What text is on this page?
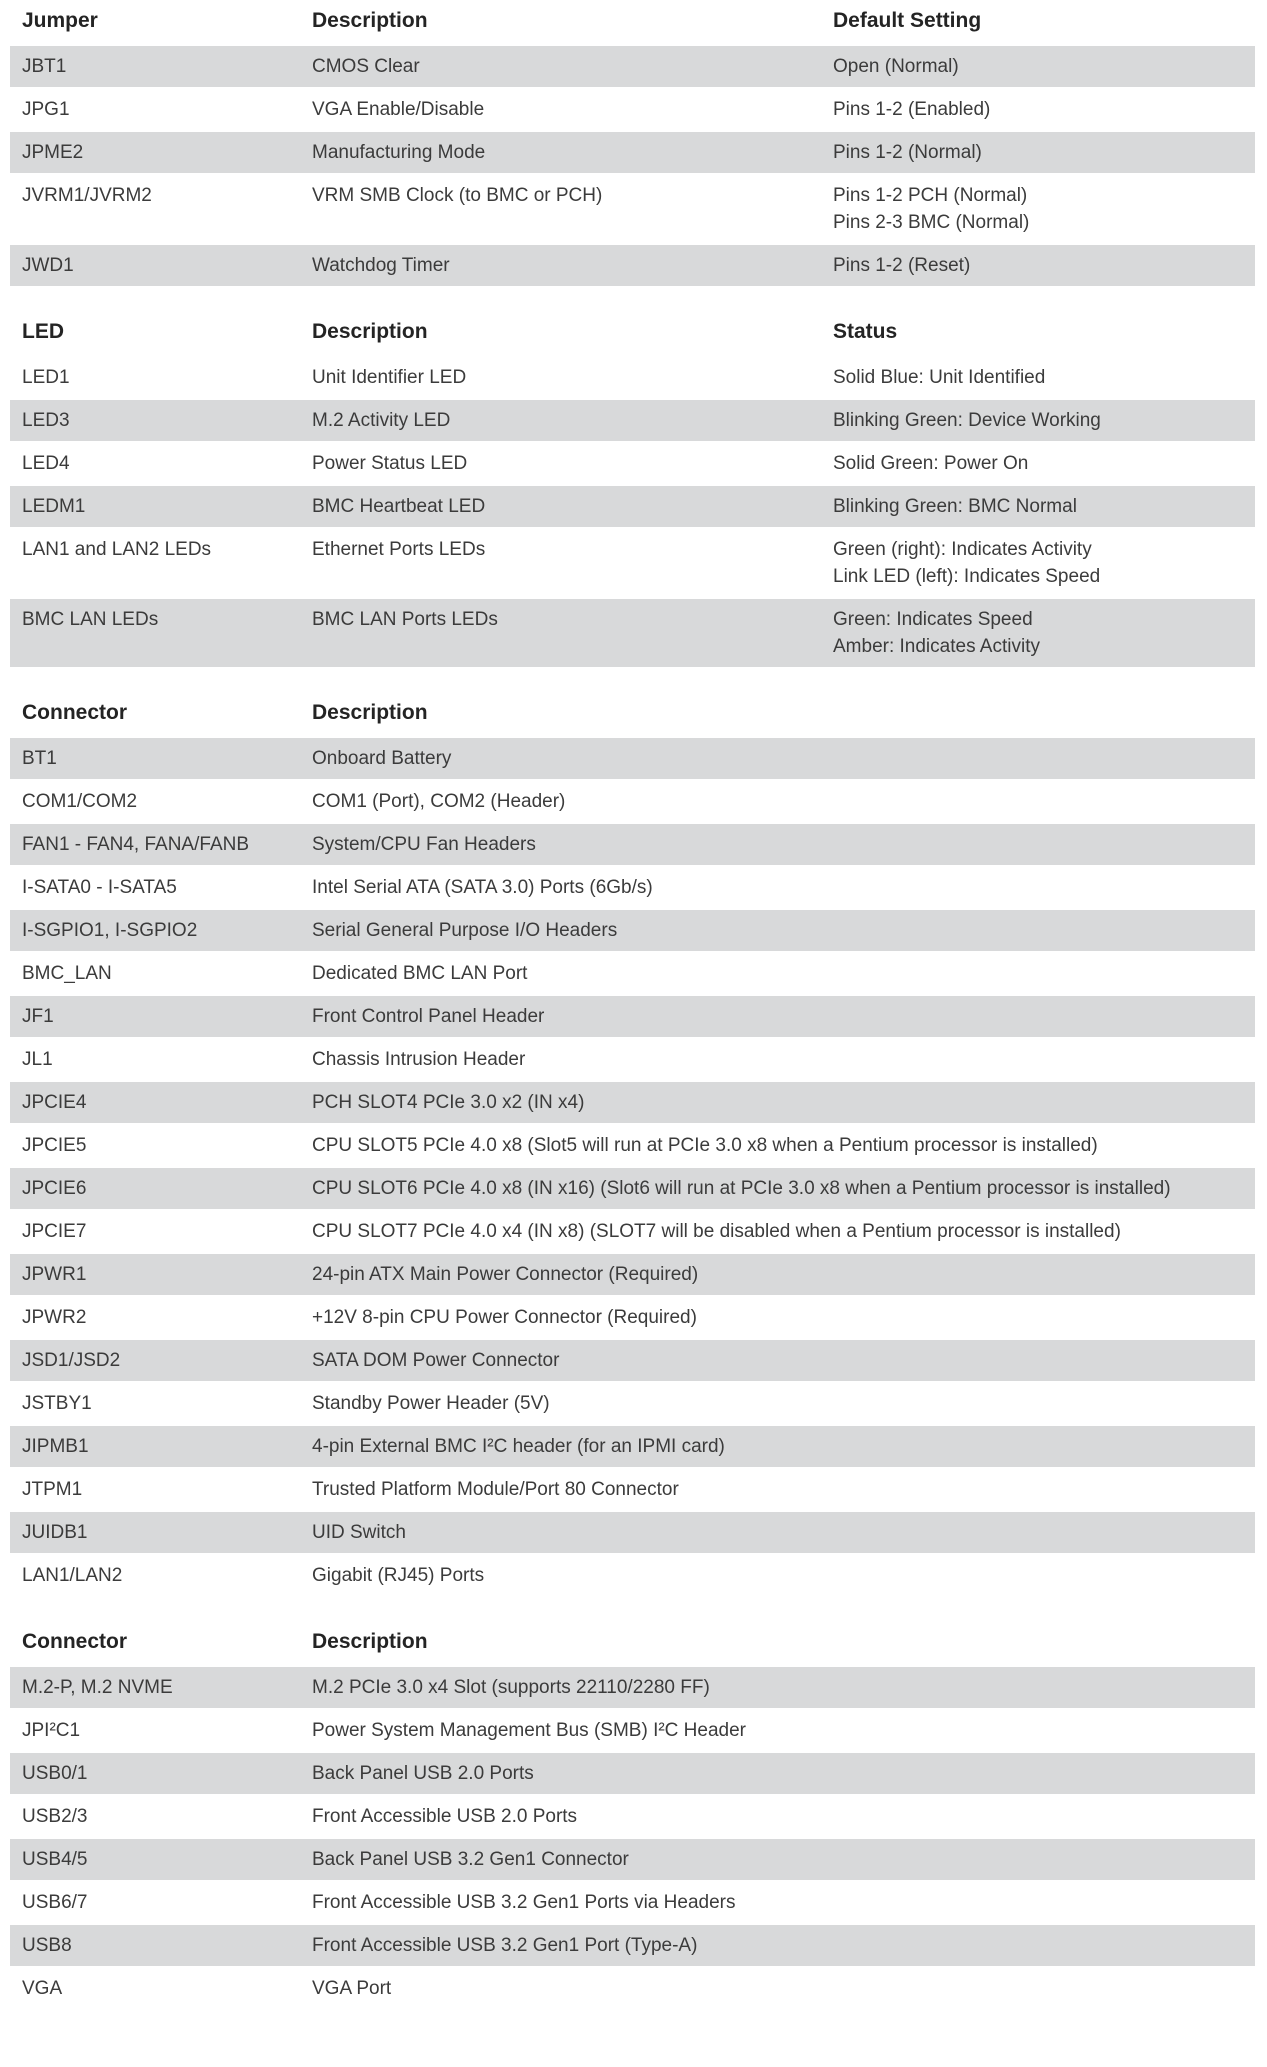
Jumper	Description	Default Setting
JBT1	CMOS Clear	Open (Normal)
JPG1	VGA Enable/Disable	Pins 1-2 (Enabled)
JPME2	Manufacturing Mode	Pins 1-2 (Normal)
JVRM1/JVRM2	VRM SMB Clock (to BMC or PCH)	Pins 1-2 PCH (Normal)
Pins 2-3 BMC (Normal)
JWD1	Watchdog Timer	Pins 1-2 (Reset)
LED	Description	Status
LED1	Unit Identifier LED	Solid Blue: Unit Identified
LED3	M.2 Activity LED	Blinking Green: Device Working
LED4	Power Status LED	Solid Green: Power On
LEDM1	BMC Heartbeat LED	Blinking Green: BMC Normal
LAN1 and LAN2 LEDs	Ethernet Ports LEDs	Green (right): Indicates Activity
Link LED (left): Indicates Speed
BMC LAN LEDs	BMC LAN Ports LEDs	Green: Indicates Speed
Amber: Indicates Activity
Connector	Description
BT1	Onboard Battery
COM1/COM2	COM1 (Port), COM2 (Header)
FAN1 - FAN4, FANA/FANB	System/CPU Fan Headers
I-SATA0 - I-SATA5	Intel Serial ATA (SATA 3.0) Ports (6Gb/s)
I-SGPIO1, I-SGPIO2	Serial General Purpose I/O Headers
BMC_LAN	Dedicated BMC LAN Port
JF1	Front Control Panel Header
JL1	Chassis Intrusion Header
JPCIE4	PCH SLOT4 PCIe 3.0 x2 (IN x4)
JPCIE5	CPU SLOT5 PCIe 4.0 x8 (Slot5 will run at PCIe 3.0 x8 when a Pentium processor is installed)
JPCIE6	CPU SLOT6 PCIe 4.0 x8 (IN x16) (Slot6 will run at PCIe 3.0 x8 when a Pentium processor is installed)
JPCIE7	CPU SLOT7 PCIe 4.0 x4 (IN x8) (SLOT7 will be disabled when a Pentium processor is installed)
JPWR1	24-pin ATX Main Power Connector (Required)
JPWR2	+12V 8-pin CPU Power Connector (Required)
JSD1/JSD2	SATA DOM Power Connector
JSTBY1	Standby Power Header (5V)
JIPMB1	4-pin External BMC I²C header (for an IPMI card)
JTPM1	Trusted Platform Module/Port 80 Connector
JUIDB1	UID Switch
LAN1/LAN2	Gigabit (RJ45) Ports
Connector	Description
M.2-P, M.2 NVME	M.2 PCIe 3.0 x4 Slot (supports 22110/2280 FF)
JPI²C1	Power System Management Bus (SMB) I²C Header
USB0/1	Back Panel USB 2.0 Ports
USB2/3	Front Accessible USB 2.0 Ports
USB4/5	Back Panel USB 3.2 Gen1 Connector
USB6/7	Front Accessible USB 3.2 Gen1 Ports via Headers
USB8	Front Accessible USB 3.2 Gen1 Port (Type-A)
VGA	VGA Port
